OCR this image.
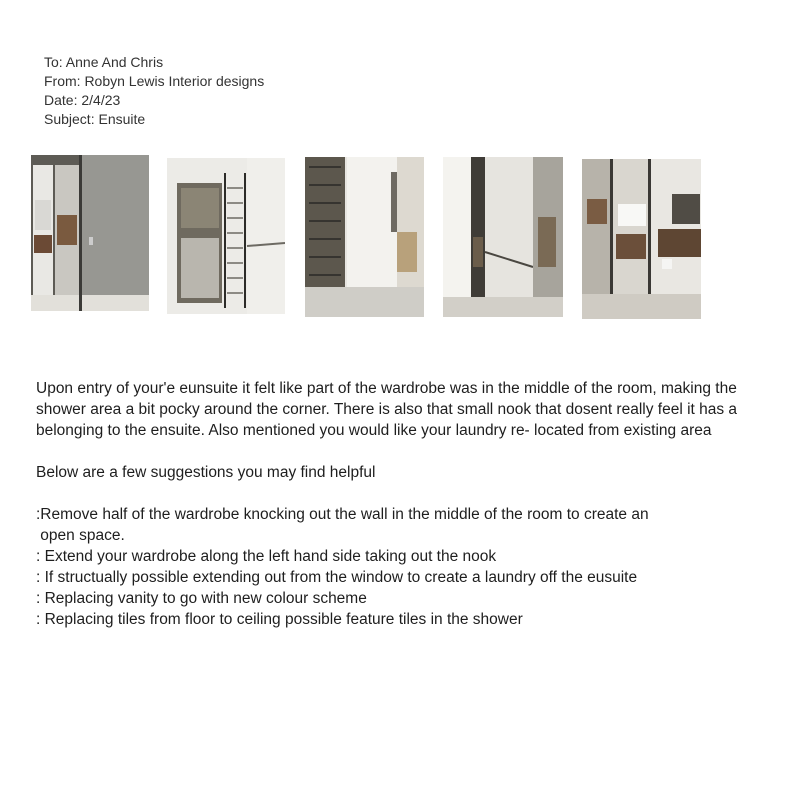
To: Anne And Chris
From: Robyn Lewis Interior designs
Date: 2/4/23
Subject: Ensuite

Upon entry of your'e eunsuite it felt like part of the wardrobe was in the middle of the room, making the shower area a bit pocky around the corner. There is also that small nook that dosent really feel it has a belonging to the ensuite. Also mentioned you would like your laundry re- located from existing area

Below are a few suggestions you may find helpful

:Remove half of the wardrobe knocking out the wall in the middle of the room to create an
open space.
: Extend your wardrobe along the left hand side taking out the nook
: If structually possible extending out from the window to create a laundry off the eusuite
: Replacing vanity to go with new colour scheme
: Replacing tiles from floor to ceiling possible feature tiles in the shower
